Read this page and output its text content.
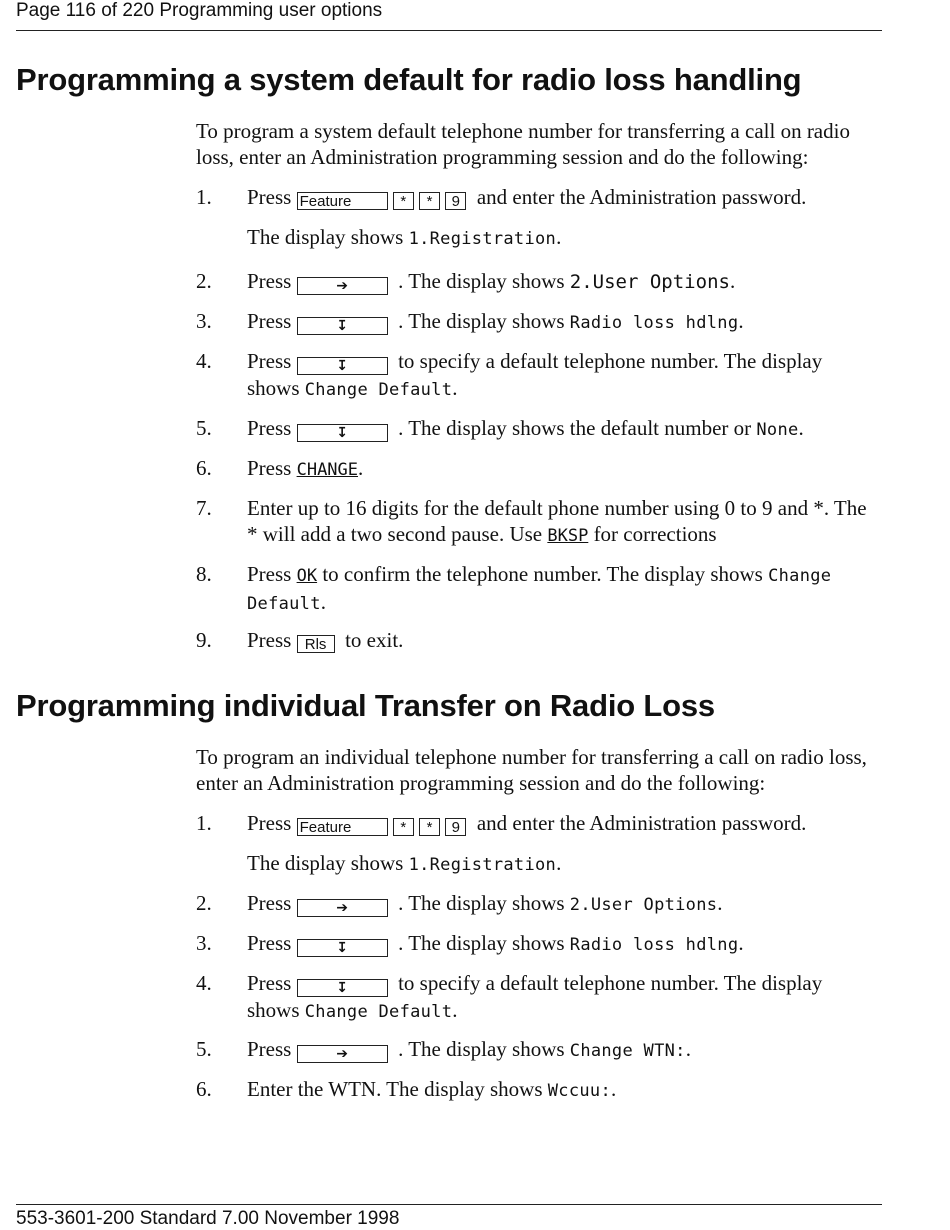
Page 116 of 220 Programming user options
Programming a system default for radio loss handling
To program a system default telephone number for transferring a call on radio loss, enter an Administration programming session and do the following:
1. Press Feature	* * 9 and enter the Administration password.
The display shows 1.Registration.
2. Press	➔ . The display shows 2.User Options.
3. Press	↧ . The display shows Radio loss hdlng.
4. Press	↧ to specify a default telephone number. The display shows Change Default.
5. Press	↧ . The display shows the default number or None.
6. Press CHANGE.
7. Enter up to 16 digits for the default phone number using 0 to 9 and *. The * will add a two second pause. Use BKSP for corrections
8. Press OK to confirm the telephone number. The display shows Change Default.
9. Press Rls to exit.
Programming individual Transfer on Radio Loss
To program an individual telephone number for transferring a call on radio loss, enter an Administration programming session and do the following:
1. Press Feature	* * 9 and enter the Administration password.
The display shows 1.Registration.
2. Press	➔ . The display shows 2.User Options.
3. Press	↧ . The display shows Radio loss hdlng.
4. Press	↧ to specify a default telephone number. The display shows Change Default.
5. Press	➔ . The display shows Change WTN:.
6. Enter the WTN. The display shows Wccuu:.
553-3601-200 Standard 7.00 November 1998
